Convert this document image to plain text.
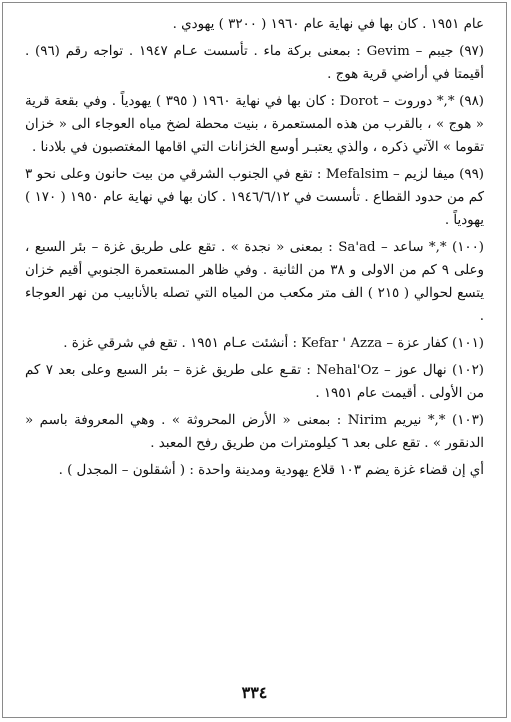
عام ١٩٥١ . كان بها في نهاية عام ١٩٦٠ ( ٣٢٠٠ ) يهودي .

(٩٧) جيبم – Gevim : بمعنى بركة ماء . تأسست عـام ١٩٤٧ . تواجه رقم (٩٦) . أقيمتا في أراضي قرية هوج .

(٩٨) *,* دوروت – Dorot : كان بها في نهاية ١٩٦٠ ( ٣٩٥ ) يهودياً . وفي بقعة قرية « هوج » ، بالقرب من هذه المستعمرة ، بنيت محطة لضخ مياه العوجاء الى « خزان تقوما » الآتي ذكره ، والذي يعتبـر أوسع الخزانات التي اقامها المغتصبون في بلادنا .

(٩٩) ميفا لزيم – Mefalsim : تقع في الجنوب الشرقي من بيت حانون وعلى نحو ٣ كم من حدود القطاع . تأسست في ١٩٤٦/٦/١٢ . كان بها في نهاية عام ١٩٥٠ ( ١٧٠ ) يهودياً .

(١٠٠) *,* ساعد – Sa'ad : بمعنى « نجدة » . تقع على طريق غزة – بئر السبع ، وعلى ٩ كم من الاولى و ٣٨ من الثانية . وفي ظاهر المستعمرة الجنوبي أقيم خزان يتسع لحوالي ( ٢١٥ ) الف متر مكعب من المياه التي تصله بالأنابيب من نهر العوجاء .

(١٠١) كفار عزة – Kefar ' Azza : أنشئت عـام ١٩٥١ . تقع في شرقي غزة .

(١٠٢) نهال عوز – Nehal'Oz : تقـع على طريق غزة – بئر السبع وعلى بعد ٧ كم من الأولى . أقيمت عام ١٩٥١ .

(١٠٣) *,* نيريم Nirim : بمعنى « الأرض المحروثة » . وهي المعروفة باسم « الدنقور » . تقع على بعد ٦ كيلومترات من طريق رفح المعبد .

أي إن قضاء غزة يضم ١٠٣ قلاع يهودية ومدينة واحدة : ( أشقلون – المجدل ) .

٣٣٤
